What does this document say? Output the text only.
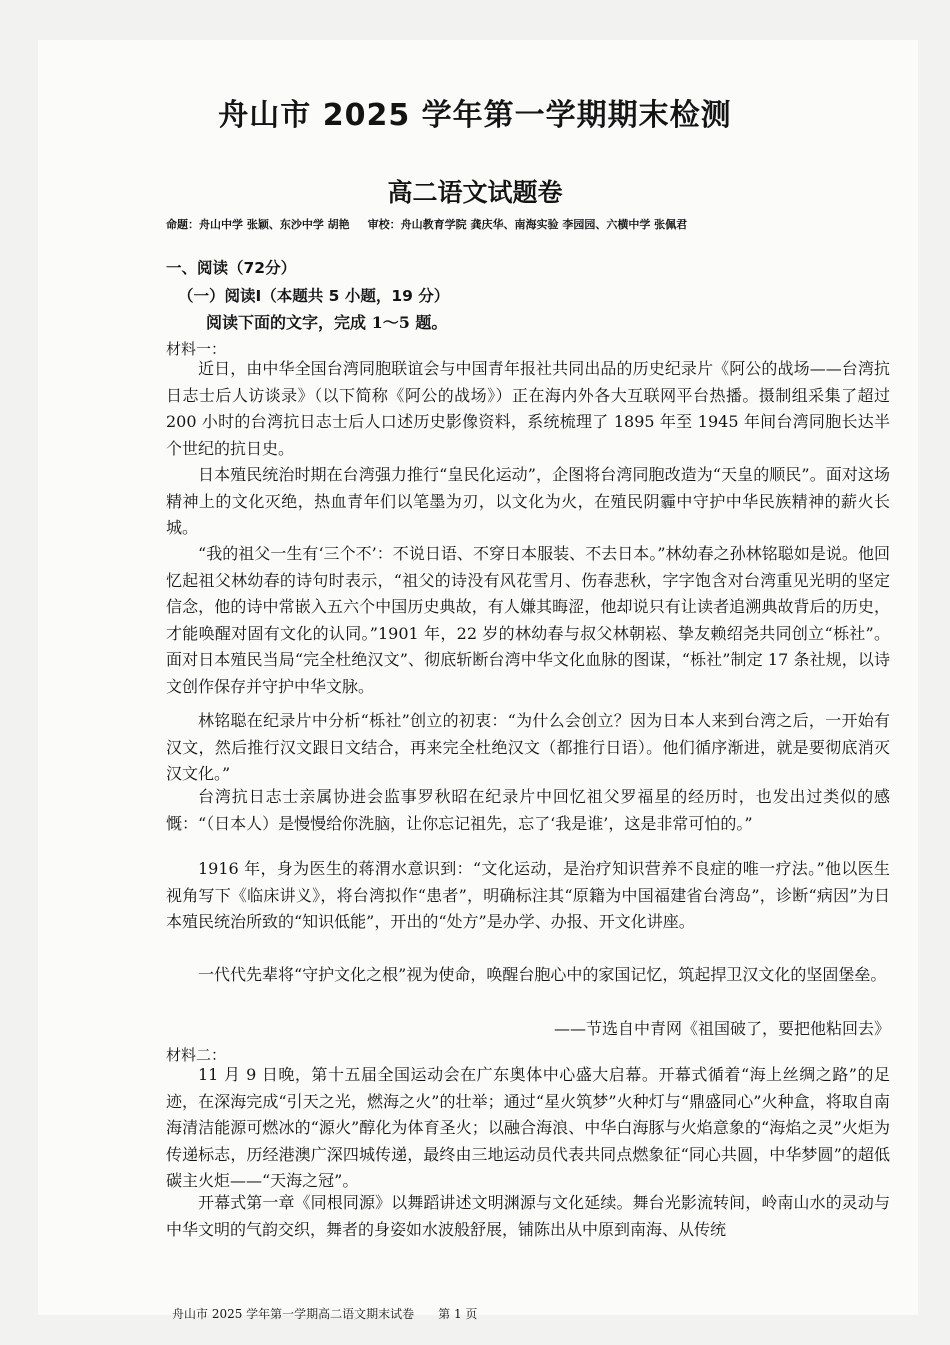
舟山市 2025 学年第一学期期末检测
高二语文试题卷
命题：舟山中学 张颖、东沙中学 胡艳 审校：舟山教育学院 龚庆华、南海实验 李园园、六横中学 张佩君
一、阅读（72分）
（一）阅读Ⅰ（本题共 5 小题，19 分）
阅读下面的文字，完成 1～5 题。
材料一：

近日，由中华全国台湾同胞联谊会与中国青年报社共同出品的历史纪录片《阿公的战场——台湾抗日志士后人访谈录》（以下简称《阿公的战场》）正在海内外各大互联网平台热播。摄制组采集了超过 200 小时的台湾抗日志士后人口述历史影像资料，系统梳理了 1895 年至 1945 年间台湾同胞长达半个世纪的抗日史。

日本殖民统治时期在台湾强力推行“皇民化运动”，企图将台湾同胞改造为“天皇的顺民”。面对这场精神上的文化灭绝，热血青年们以笔墨为刃，以文化为火，在殖民阴霾中守护中华民族精神的薪火长城。

“我的祖父一生有‘三个不’：不说日语、不穿日本服装、不去日本。”林幼春之孙林铭聪如是说。他回忆起祖父林幼春的诗句时表示，“祖父的诗没有风花雪月、伤春悲秋，字字饱含对台湾重见光明的坚定信念，他的诗中常嵌入五六个中国历史典故，有人嫌其晦涩，他却说只有让读者追溯典故背后的历史，才能唤醒对固有文化的认同。”1901 年，22 岁的林幼春与叔父林朝崧、挚友赖绍尧共同创立“栎社”。面对日本殖民当局“完全杜绝汉文”、彻底斩断台湾中华文化血脉的图谋，“栎社”制定 17 条社规，以诗文创作保存并守护中华文脉。

林铭聪在纪录片中分析“栎社”创立的初衷：“为什么会创立？因为日本人来到台湾之后，一开始有汉文，然后推行汉文跟日文结合，再来完全杜绝汉文（都推行日语）。他们循序渐进，就是要彻底消灭汉文化。”

台湾抗日志士亲属协进会监事罗秋昭在纪录片中回忆祖父罗福星的经历时，也发出过类似的感慨：“（日本人）是慢慢给你洗脑，让你忘记祖先，忘了‘我是谁’，这是非常可怕的。”

1916 年，身为医生的蒋渭水意识到：“文化运动，是治疗知识营养不良症的唯一疗法。”他以医生视角写下《临床讲义》，将台湾拟作“患者”，明确标注其“原籍为中国福建省台湾岛”，诊断“病因”为日本殖民统治所致的“知识低能”，开出的“处方”是办学、办报、开文化讲座。

一代代先辈将“守护文化之根”视为使命，唤醒台胞心中的家国记忆，筑起捍卫汉文化的坚固堡垒。

——节选自中青网《祖国破了，要把他粘回去》
材料二：

11 月 9 日晚，第十五届全国运动会在广东奥体中心盛大启幕。开幕式循着“海上丝绸之路”的足迹，在深海完成“引天之光，燃海之火”的壮举；通过“星火筑梦”火种灯与“鼎盛同心”火种盒，将取自南海清洁能源可燃冰的“源火”醇化为体育圣火；以融合海浪、中华白海豚与火焰意象的“海焰之灵”火炬为传递标志，历经港澳广深四城传递，最终由三地运动员代表共同点燃象征“同心共圆，中华梦圆”的超低碳主火炬——“天海之冠”。

开幕式第一章《同根同源》以舞蹈讲述文明渊源与文化延续。舞台光影流转间，岭南山水的灵动与中华文明的气韵交织，舞者的身姿如水波般舒展，铺陈出从中原到南海、从传统

舟山市 2025 学年第一学期高二语文期末试卷 第 1 页
